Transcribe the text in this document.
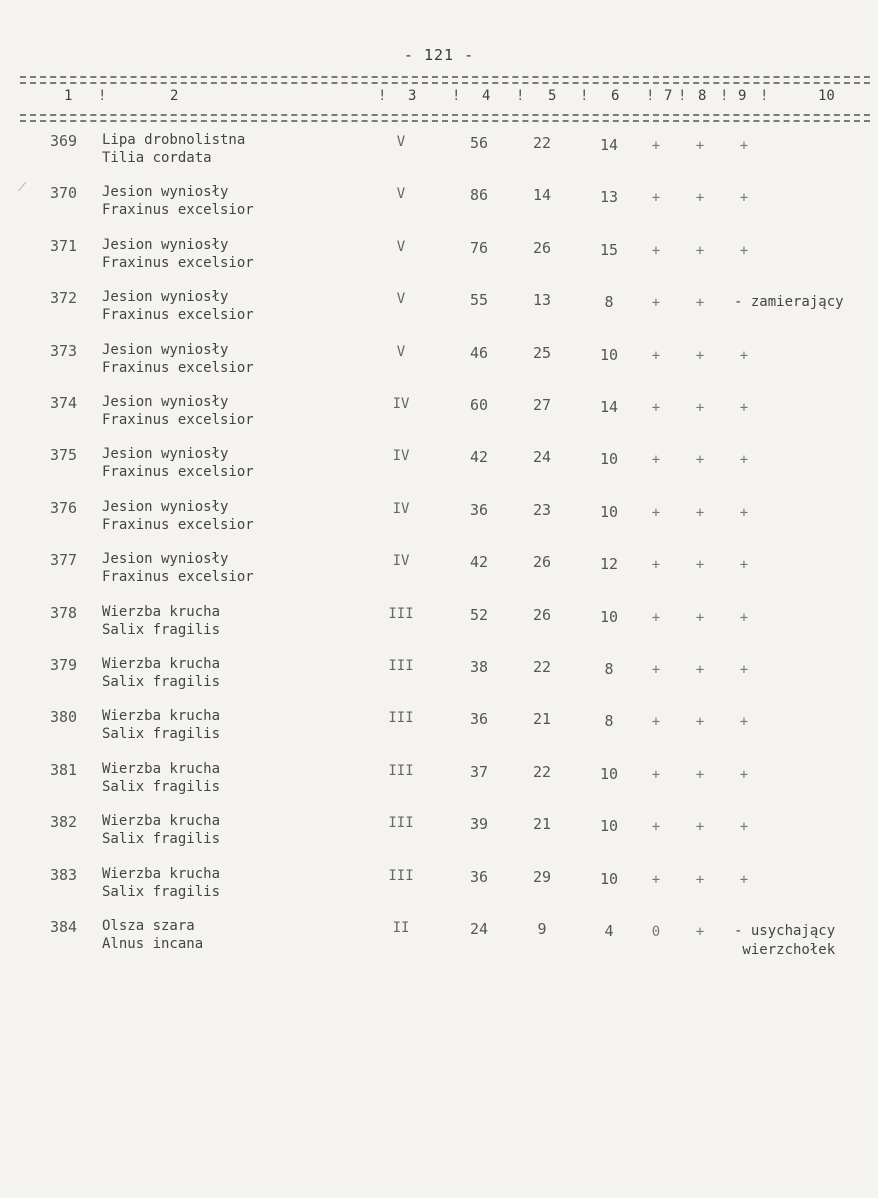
- 121 -
1 !	2	! 3	! 4 ! 5 ! 6 ! 7 ! 8 ! 9 !	10
⟋
369 Lipa drobnolistna
Tilia cordata
V	56	22	14	+	+	+
370 Jesion wyniosły
Fraxinus excelsior
V	86	14	13	+	+	+
371 Jesion wyniosły
Fraxinus excelsior
V	76	26	15	+	+	+
372 Jesion wyniosły
Fraxinus excelsior
V	55	13	8	+	+	- zamierający
373 Jesion wyniosły
Fraxinus excelsior
V	46	25	10	+	+	+
374 Jesion wyniosły
Fraxinus excelsior
IV	60	27	14	+	+	+
375 Jesion wyniosły
Fraxinus excelsior
IV	42	24	10	+	+	+
376 Jesion wyniosły
Fraxinus excelsior
IV	36	23	10	+	+	+
377 Jesion wyniosły
Fraxinus excelsior
IV	42	26	12	+	+	+
378 Wierzba krucha
Salix fragilis
III	52	26	10	+	+	+
379 Wierzba krucha
Salix fragilis
III	38	22	8	+	+	+
380 Wierzba krucha
Salix fragilis
III	36	21	8	+	+	+
381 Wierzba krucha
Salix fragilis
III	37	22	10	+	+	+
382 Wierzba krucha
Salix fragilis
III	39	21	10	+	+	+
383 Wierzba krucha
Salix fragilis
III	36	29	10	+	+	+
384 Olsza szara
Alnus incana
II	24	9	4	0	+	- usychający
wierzchołek
